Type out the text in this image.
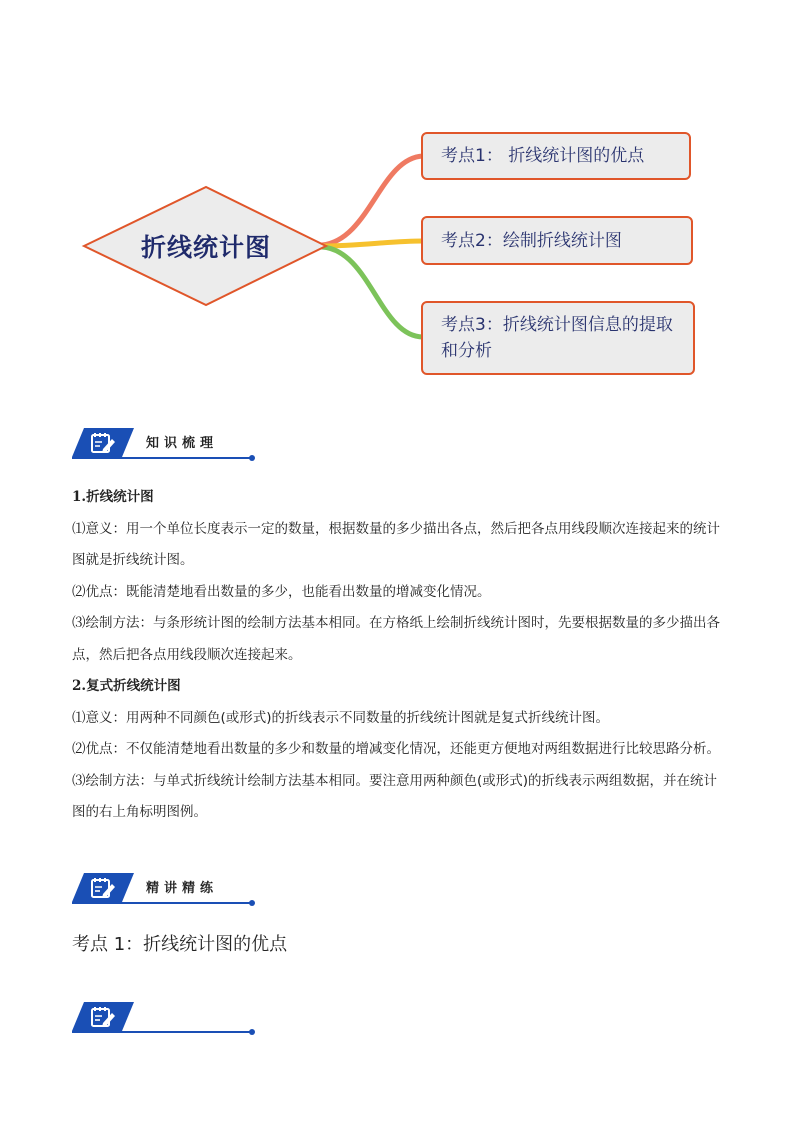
折线统计图
考点1： 折线统计图的优点
考点2：绘制折线统计图
考点3：折线统计图信息的提取和分析
知识梳理

1.折线统计图

⑴意义：用一个单位长度表示一定的数量，根据数量的多少描出各点，然后把各点用线段顺次连接起来的统计图就是折线统计图。

⑵优点：既能清楚地看出数量的多少，也能看出数量的增减变化情况。

⑶绘制方法：与条形统计图的绘制方法基本相同。在方格纸上绘制折线统计图时，先要根据数量的多少描出各点，然后把各点用线段顺次连接起来。

2.复式折线统计图

⑴意义：用两种不同颜色(或形式)的折线表示不同数量的折线统计图就是复式折线统计图。

⑵优点：不仅能清楚地看出数量的多少和数量的增减变化情况，还能更方便地对两组数据进行比较思路分析。

⑶绘制方法：与单式折线统计绘制方法基本相同。要注意用两种颜色(或形式)的折线表示两组数据，并在统计图的右上角标明图例。

精讲精练
考点 1：折线统计图的优点
